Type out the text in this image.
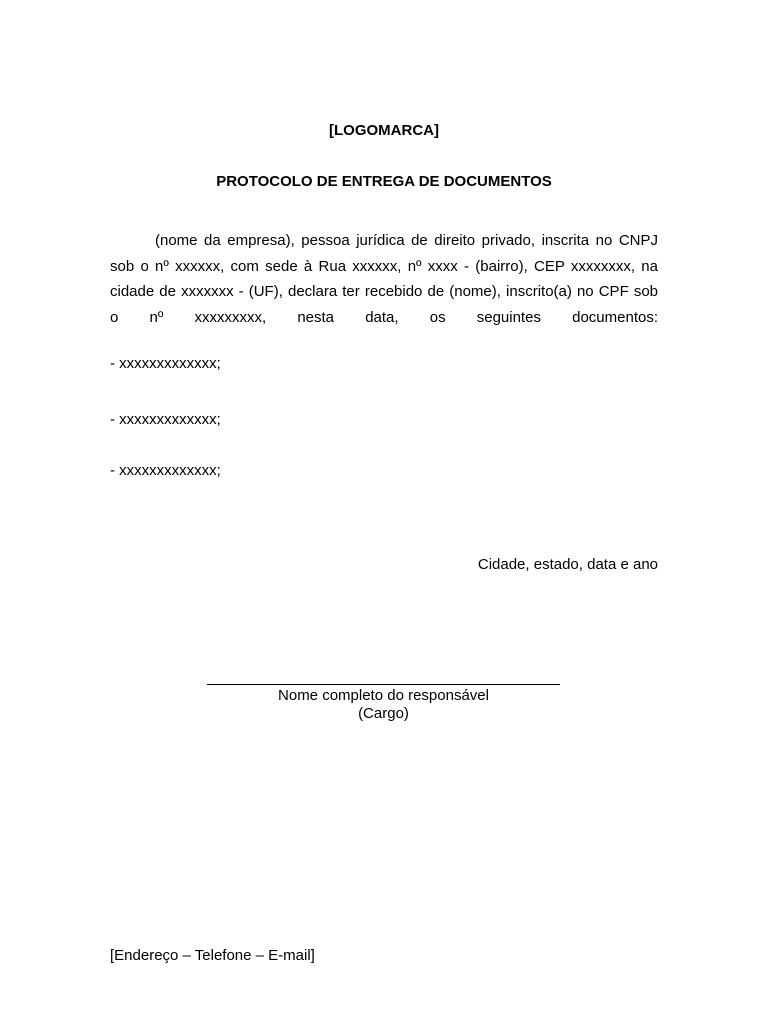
[LOGOMARCA]
PROTOCOLO DE ENTREGA DE DOCUMENTOS
(nome da empresa), pessoa jurídica de direito privado, inscrita no CNPJ sob o nº xxxxxx, com sede à Rua xxxxxx, nº xxxx - (bairro), CEP xxxxxxxx, na cidade de xxxxxxx - (UF), declara ter recebido de (nome), inscrito(a) no CPF sob o nº xxxxxxxxx, nesta data, os seguintes documentos:
- xxxxxxxxxxxxx;
- xxxxxxxxxxxxx;
- xxxxxxxxxxxxx;
Cidade, estado, data e ano
Nome completo do responsável
(Cargo)
[Endereço – Telefone – E-mail]
